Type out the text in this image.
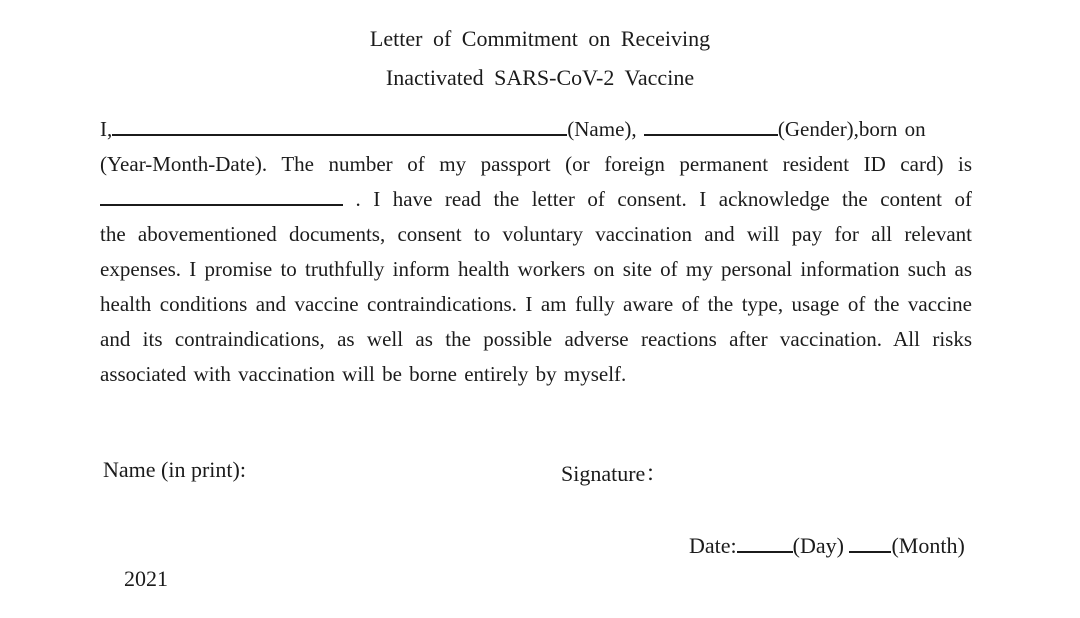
Letter of Commitment on Receiving
Inactivated SARS-CoV-2 Vaccine
I,	(Name),	(Gender),born on
(Year-Month-Date). The number of my passport (or foreign permanent resident ID card) is
. I have read the letter of consent. I acknowledge the content of
the abovementioned documents, consent to voluntary vaccination and will pay for all relevant
expenses. I promise to truthfully inform health workers on site of my personal information such as
health conditions and vaccine contraindications. I am fully aware of the type, usage of the vaccine
and its contraindications, as well as the possible adverse reactions after vaccination. All risks
associated with vaccination will be borne entirely by myself.
Name (in print):	Signature：
Date:	(Day) (Month)
2021
